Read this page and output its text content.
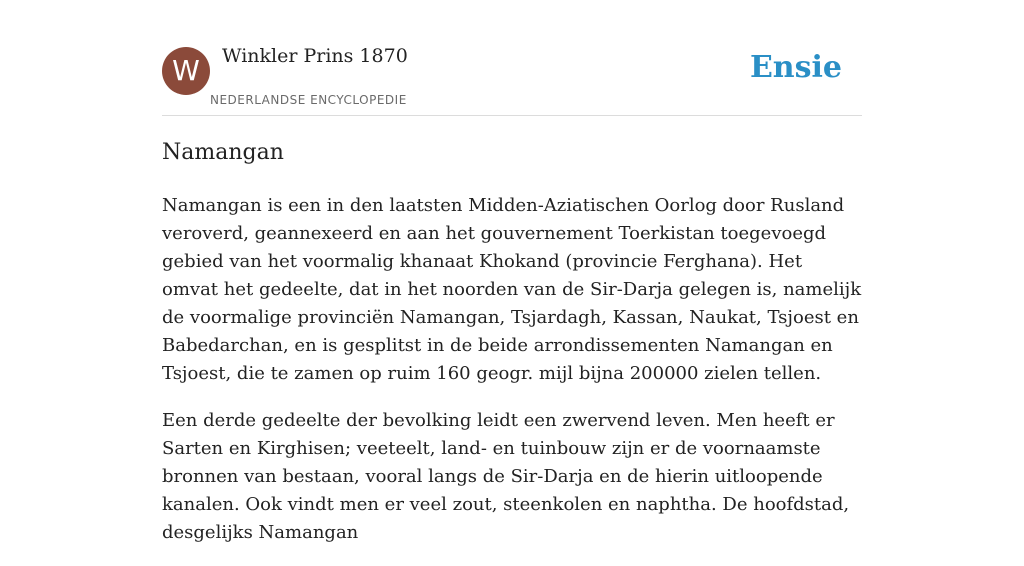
W	Winkler Prins 1870
NEDERLANDSE ENCYCLOPEDIE
Ensie
Namangan

Namangan is een in den laatsten Midden-Aziatischen Oorlog door Rusland veroverd, geannexeerd en aan het gouvernement Toerkistan toegevoegd gebied van het voormalig khanaat Khokand (provincie Ferghana). Het omvat het gedeelte, dat in het noorden van de Sir-Darja gelegen is, namelijk de voormalige provinciën Namangan, Tsjardagh, Kassan, Naukat, Tsjoest en Babedarchan, en is gesplitst in de beide arrondissementen Namangan en Tsjoest, die te zamen op ruim 160 geogr. mijl bijna 200000 zielen tellen.

Een derde gedeelte der bevolking leidt een zwervend leven. Men heeft er Sarten en Kirghisen; veeteelt, land- en tuinbouw zijn er de voornaamste bronnen van bestaan, vooral langs de Sir-Darja en de hierin uitloopende kanalen. Ook vindt men er veel zout, steenkolen en naphtha. De hoofdstad, desgelijks Namangan
